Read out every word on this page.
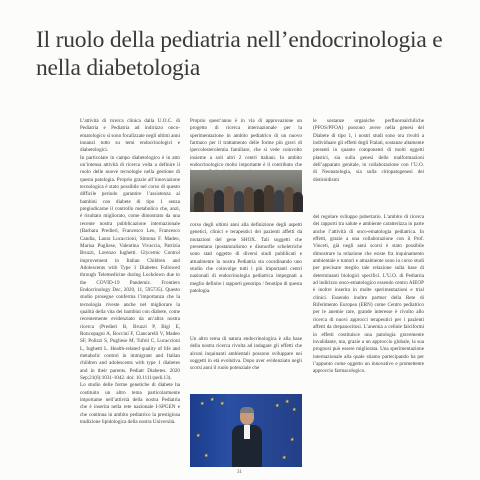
Il ruolo della pediatria nell’endocrinologia e nella diabetologia

L’attività di ricerca clinica dalla U.O.C. di Pediatria e Pediatria ad indirizzo onco-ematologico si sono focalizzate negli ultimi anni innanzi tutto su temi endocrinologici e diabetologici.

In particolare in campo diabetologico è in atto un’intensa attività di ricerca volta a definire il ruolo delle nuove tecnologie nella gestione di questa patologia. Proprio grazie all’innovazione tecnologica è stato possibile nel corso di questo difficile periodo garantire l’assistenza ai bambini con diabete di tipo 1 senza pregiudicarne il controllo metabolico che, anzi, è risultato migliorato, come dimostrato da una recente nostra pubblicazione internazionale (Barbara Predieri, Francesco Leo, Francesco Candia, Laura Lucaccioni, Simona F. Madeo, Marisa Pugliese, Valentina Vivaccia, Patrizia Bruzzi, Lorenzo Iughetti. Glycemic Control improvement in Italian Children and Adolescents with Type 1 Diabetes Followed through Telemedicine during Lockdown due to the COVID-19 Pandemic. Frontiers Endocrinology Dec, 2020, 11, 595735). Questo studio prosegue conferma l’importanza che la tecnologia riveste anche nel migliorare la qualità della vita dei bambini con diabete, come recentemente evidenziato da un’altra nostra ricerca (Predieri B, Bruzzi P, Bigi E, Roncopagni A, Boccini F, Ciancarelli V, Madeo SF, Polizzi S, Pugliese M, Tufoli C, Lucaccioni L, Iughetti L. Health-related quality of life and metabolic control in immigrant and Italian children and adolescents with type 1 diabetes and in their parents. Pediatr Diabetes. 2020 Sep;21(6):1031-1042. doi: 10.1111/pedi.13).

Lo studio delle forme genetiche di diabete ha costituito un altro tema particolarmente importante nell’attività della nostra Pediatria che è inserita nella rete nazionale I-SPGEN e che continua in ambito pediatrico la prestigiosa tradizione lipidologica della nostra Università.

Proprio quest’anno è in via di approvazione un progetto di ricerca internazionale per la sperimentazione in ambito pediatrico di un nuovo farmaco per il trattamento delle forme più gravi di ipercolesterolemia familiare, che si vede coinvolto insieme a soli altri 2 centri italiani. In ambito endocrinologico molto importante è il contributo che

corso degli ultimi anni alla definizione degli aspetti genetici, clinici e terapeutici dei pazienti affetti da mutazioni del gene SHOX. Tali soggetti che presentano ipostaturalismo e dismorfie scheletriche sono stati oggetto di diversi studi pubblicati e attualmente la nostra Pediatria sta coordinando uno studio che coinvolge tutti i più importanti centri nazionali di endocrinologia pediatrica impegnati a meglio definire i rapporti genotipo / fenotipo di questa patologia.

Un altro tema di natura endocrinologica è alla base della nostra ricerca rivolta ad indagare gli effetti che alcuni inquinanti ambientali possono sviluppare nei soggetti in età evolutiva. Dopo aver evidenziato negli scorsi anni il ruolo potenziale che

★
★
★	★
★
★
★
★
★	★

le sostanze organiche perfluoroalchiliche (PFOS/PFOA) possono avere nella genesi del Diabete di tipo 1, i nostri studi sono ora rivolti a individuare gli effetti degli Ftalati, sostanze altamente presenti in quanto componenti di molti oggetti plastici, sia sulla genesi delle malformazioni dell’apparato genitale, in collaborazione con l’U.O. di Neonatologia, sia sulla citiopatogenesi dei distiroidismi

del regolare sviluppo pubertario. L’ambito di ricerca dei rapporti tra salute e ambiente caratterizza in parte anche l’attività di onco-ematologia pediatrica. In effetti, grazie a una collaborazione con il Prof. Vinceti, già negli anni scorsi è stato possibile dimostrare la relazione che esiste fra inquinamento ambientale e tumori e attualmente sono in corso studi per precisare meglio tale relazione sulla base di determinanti biologici specifici. L’U.O. di Pediatria ad indirizzo onco-ematologico essendo centro AIEOP è inoltre inserita in molte sperimentazioni e trial clinici. Essendo inoltre partner della Rete di Riferimento Europea (ERN) come Centro pediatrico per le anemie rare, grande interesse è rivolto allo ricerca di nuovi approcci terapeutici per i pazienti affetti da drepanocitosi. L’anemia a cellule falciformi in effetti costituisce una patologia gravemente invalidante, ma, grazie a un approccio globale, la sua prognosi può essere migliorata. Una sperimentazione internazionale alla quale stiamo partecipando ha per l’appunto come oggetto un innovativo e promettente approccio farmacologico.

31
